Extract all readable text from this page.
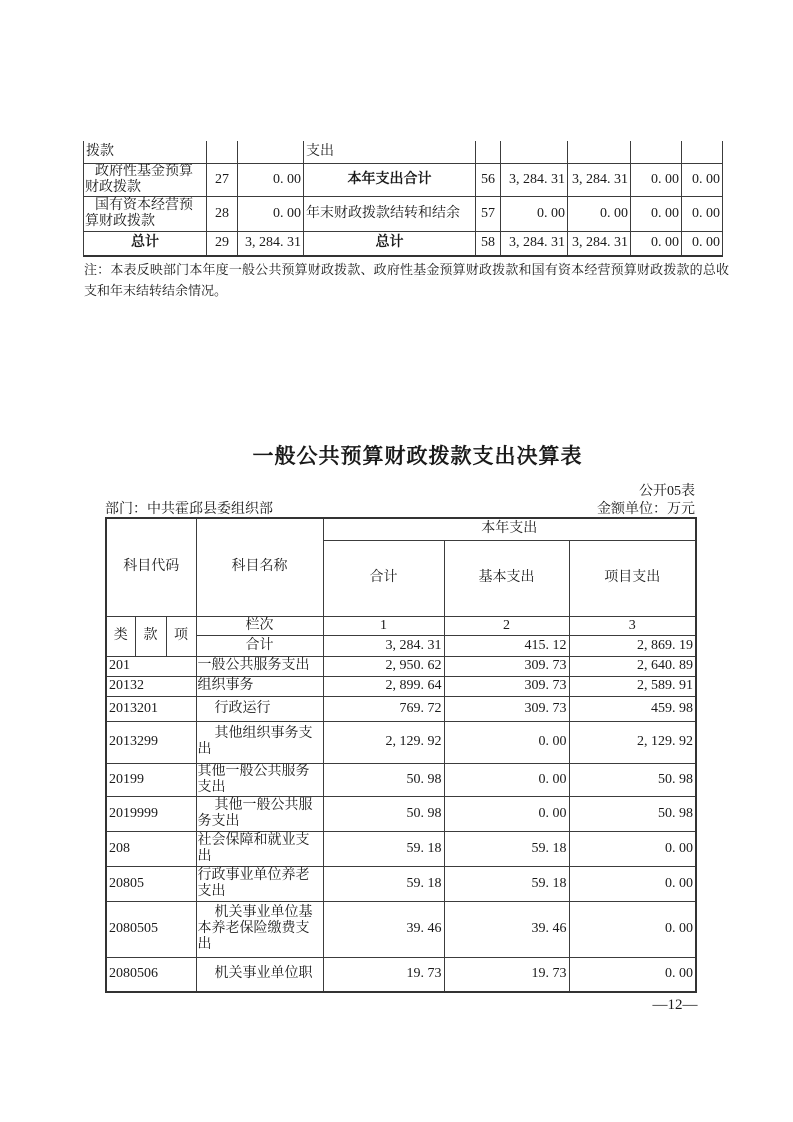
拨款			支出					
政府性基金预算财政拨款	27	0. 00	本年支出合计	56	3, 284. 31	3, 284. 31	0. 00	0. 00
国有资本经营预算财政拨款	28	0. 00	年末财政拨款结转和结余	57	0. 00	0. 00	0. 00	0. 00
总计	29	3, 284. 31	总计	58	3, 284. 31	3, 284. 31	0. 00	0. 00
注：本表反映部门本年度一般公共预算财政拨款、政府性基金预算财政拨款和国有资本经营预算财政拨款的总收支和年末结转结余情况。
一般公共预算财政拨款支出决算表
公开05表
部门：中共霍邱县委组织部	金额单位：万元
科目代码			科目名称	本年支出		
				合计	基本支出	项目支出
类	款	项	栏次	1	2	3
			合计	3, 284. 31	415. 12	2, 869. 19
201			一般公共服务支出	2, 950. 62	309. 73	2, 640. 89
20132			组织事务	2, 899. 64	309. 73	2, 589. 91
2013201			行政运行	769. 72	309. 73	459. 98
2013299			其他组织事务支出	2, 129. 92	0. 00	2, 129. 92
20199			其他一般公共服务支出	50. 98	0. 00	50. 98
2019999			其他一般公共服务支出	50. 98	0. 00	50. 98
208			社会保障和就业支出	59. 18	59. 18	0. 00
20805			行政事业单位养老支出	59. 18	59. 18	0. 00
2080505			机关事业单位基本养老保险缴费支出	39. 46	39. 46	0. 00
2080506			机关事业单位职	19. 73	19. 73	0. 00
—12—
